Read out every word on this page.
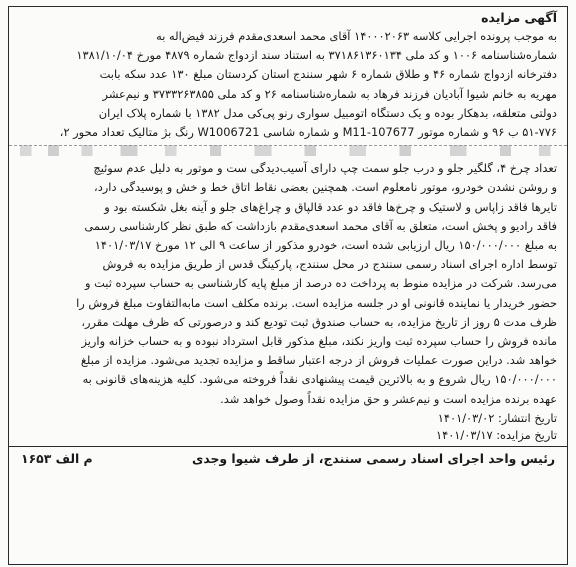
آگهی مزایده

به موجب پرونده اجرایی کلاسه ۱۴۰۰۰۲۰۶۳ آقای محمد اسعدی‌مقدم فرزند فیض‌اله به
شماره‌شناسنامه ۱۰۰۶ و کد ملی ۳۷۱۸۶۱۳۶۰۱۳۴ به استناد سند ازدواج شماره ۴۸۷۹ مورخ ۱۳۸۱/۱۰/۰۴
دفترخانه ازدواج شماره ۴۶ و طلاق شماره ۶ شهر سنندج استان کردستان مبلغ ۱۳۰ عدد سکه بابت
مهریه به خانم شیوا آبادیان فرزند فرهاد به شماره‌شناسنامه ۲۶ و کد ملی ۳۷۳۳۲۶۳۸۵۵ و نیم‌عشر
دولتی متعلقه، بدهکار بوده و یک دستگاه اتومبیل سواری رنو پی‌کی مدل ۱۳۸۲ با شماره پلاک ایران
۵۱-۷۷۶ ب ۹۶ و شماره موتور M11-107677 و شماره شاسی W1006721 رنگ بژ متالیک تعداد محور ۲،
تعداد چرخ ۴، گلگیر جلو و درب جلو سمت چپ دارای آسیب‌دیدگی ست و موتور به دلیل عدم سوئیچ
و روشن نشدن خودرو، موتور نامعلوم است. همچنین بعضی نقاط اتاق خط و خش و پوسیدگی دارد،
تایرها فاقد زاپاس و لاستیک و چرخ‌ها فاقد دو عدد قالپاق و چراغ‌های جلو و آینه بغل شکسته بود و
فاقد رادیو و پخش است، متعلق به آقای محمد اسعدی‌مقدم بازداشت که طبق نظر کارشناسی رسمی
به مبلغ ۱۵۰/۰۰۰/۰۰۰ ریال ارزیابی شده است، خودرو مذکور از ساعت ۹ الی ۱۲ مورخ ۱۴۰۱/۰۳/۱۷
توسط اداره اجرای اسناد رسمی سنندج در محل سنندج، پارکینگ قدس از طریق مزایده به فروش
می‌رسد. شرکت در مزایده منوط به پرداخت ده درصد از مبلغ پایه کارشناسی به حساب سپرده ثبت و
حضور خریدار یا نماینده قانونی او در جلسه مزایده است. برنده مکلف است مابه‌التفاوت مبلغ فروش را
ظرف مدت ۵ روز از تاریخ مزایده، به حساب صندوق ثبت تودیع کند و درصورتی که ظرف مهلت مقرر،
مانده فروش را حساب سپرده ثبت واریز نکند، مبلغ مذکور قابل استرداد نبوده و به حساب خزانه واریز
خواهد شد. دراین صورت عملیات فروش از درجه اعتبار ساقط و مزایده تجدید می‌شود. مزایده از مبلغ
۱۵۰/۰۰۰/۰۰۰ ریال شروع و به بالاترین قیمت پیشنهادی نقداً فروخته می‌شود. کلیه هزینه‌های قانونی به
عهده برنده مزایده است و نیم‌عشر و حق مزایده نقداً وصول خواهد شد.
تاریخ انتشار: ۱۴۰۱/۰۳/۰۲
تاریخ مزایده: ۱۴۰۱/۰۳/۱۷
رئیس واحد اجرای اسناد رسمی سنندج، از طرف شیوا وجدی
م الف ۱۶۵۳
